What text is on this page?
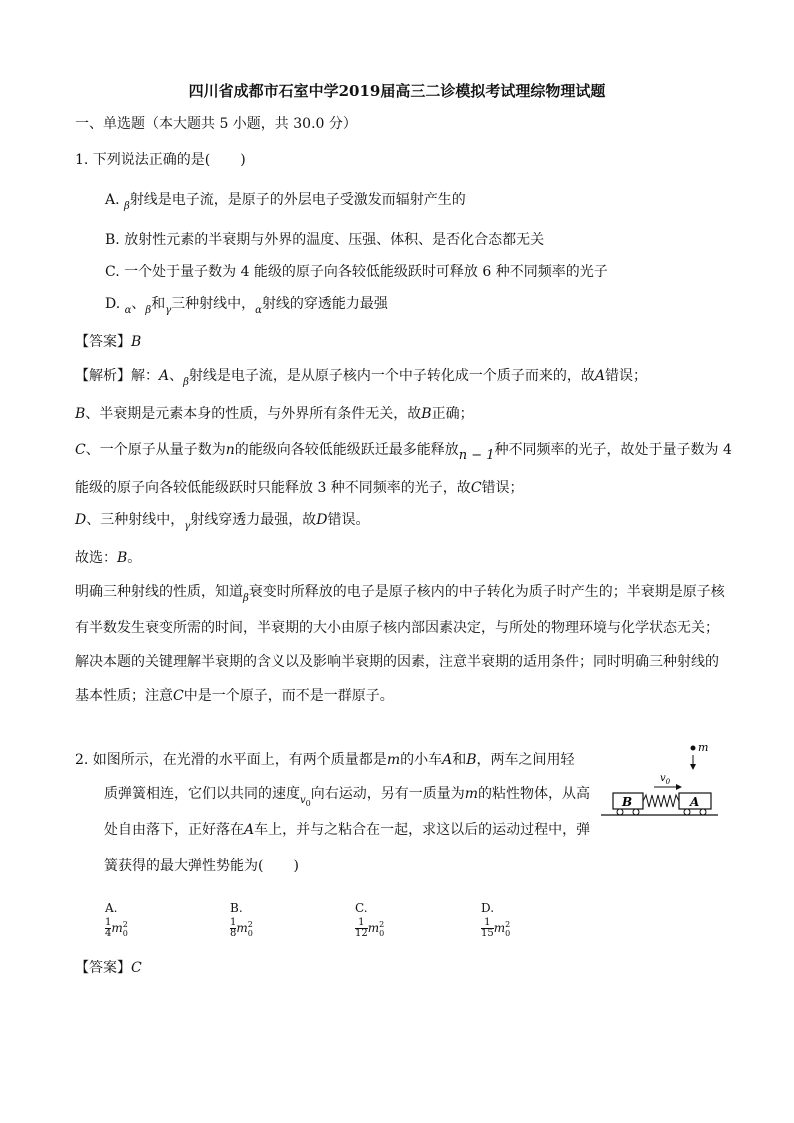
四川省成都市石室中学2019届高三二诊模拟考试理综物理试题
一、单选题（本大题共 5 小题，共 30.0 分）
1. 下列说法正确的是( )
A. $_\beta$射线是电子流，是原子的外层电子受激发而辐射产生的
B. 放射性元素的半衰期与外界的温度、压强、体积、是否化合态都无关
C. 一个处于量子数为 4 能级的原子向各较低能级跃时可释放 6 种不同频率的光子
D. $_\alpha$、$_\beta$和$_\gamma$三种射线中，$_\alpha$射线的穿透能力最强
【答案】B
【解析】解：A、$_\beta$射线是电子流，是从原子核内一个中子转化成一个质子而来的，故A错误；
B、半衰期是元素本身的性质，与外界所有条件无关，故B正确；
C、一个原子从量子数为n的能级向各较低能级跃迁最多能释放n − 1种不同频率的光子，故处于量子数为 4
能级的原子向各较低能级跃时只能释放 3 种不同频率的光子，故C错误；
D、三种射线中，$_\gamma$射线穿透力最强，故D错误。
故选：B。
明确三种射线的性质，知道$_\beta$衰变时所释放的电子是原子核内的中子转化为质子时产生的；半衰期是原子核
有半数发生衰变所需的时间，半衰期的大小由原子核内部因素决定，与所处的物理环境与化学状态无关；
解决本题的关键理解半衰期的含义以及影响半衰期的因素，注意半衰期的适用条件；同时明确三种射线的
基本性质；注意C中是一个原子，而不是一群原子。
2. 如图所示，在光滑的水平面上，有两个质量都是m的小车A和B，两车之间用轻
质弹簧相连，它们以共同的速度$_{v0}$向右运动，另有一质量为m的粘性物体，从高
处自由落下，正好落在A车上，并与之粘合在一起，求这以后的运动过程中，弹
簧获得的最大弹性势能为( )
m
$v_0$
B	A
A.
$\frac{1}{4}$ m 2
0
B.
$\frac{1}{8}$ m 2
0
C.
$\frac{1}{12}$ m 2
0
D.
$\frac{1}{15}$ m 2
0
【答案】C
